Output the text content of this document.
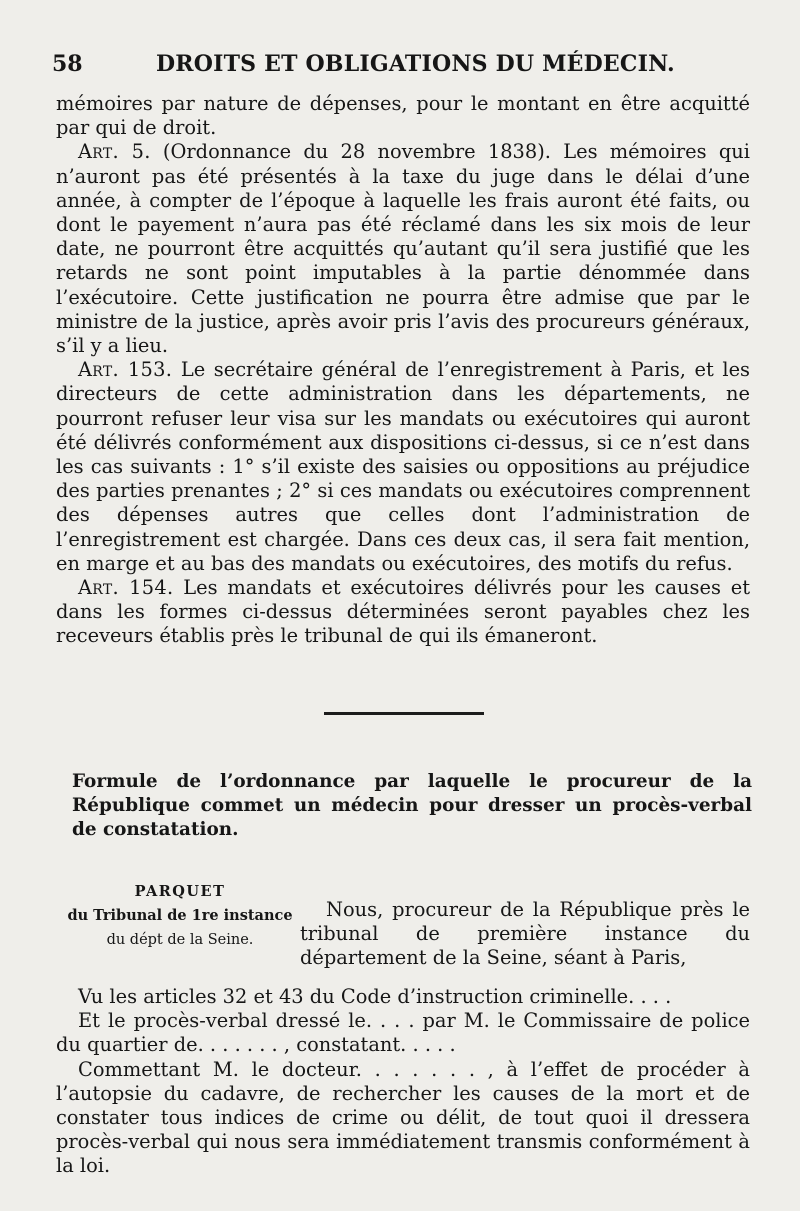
58	DROITS ET OBLIGATIONS DU MÉDECIN.

mémoires par nature de dépenses, pour le montant en être acquitté par qui de droit.

Art. 5. (Ordonnance du 28 novembre 1838). Les mémoires qui n’auront pas été présentés à la taxe du juge dans le délai d’une année, à compter de l’époque à laquelle les frais auront été faits, ou dont le payement n’aura pas été réclamé dans les six mois de leur date, ne pourront être acquittés qu’autant qu’il sera justifié que les retards ne sont point imputables à la partie dénommée dans l’exécutoire. Cette justification ne pourra être admise que par le ministre de la justice, après avoir pris l’avis des procureurs généraux, s’il y a lieu.

Art. 153. Le secrétaire général de l’enregistrement à Paris, et les directeurs de cette administration dans les départements, ne pourront refuser leur visa sur les mandats ou exécutoires qui auront été délivrés conformément aux dispositions ci-dessus, si ce n’est dans les cas suivants : 1° s’il existe des saisies ou oppositions au préjudice des parties prenantes ; 2° si ces mandats ou exécutoires comprennent des dépenses autres que celles dont l’administration de l’enregistrement est chargée. Dans ces deux cas, il sera fait mention, en marge et au bas des mandats ou exécutoires, des motifs du refus.

Art. 154. Les mandats et exécutoires délivrés pour les causes et dans les formes ci-dessus déterminées seront payables chez les receveurs établis près le tribunal de qui ils émaneront.

Formule de l’ordonnance par laquelle le procureur de la République commet un médecin pour dresser un procès-verbal de constatation.
PARQUET
du Tribunal de 1re instance
du dépt de la Seine.
Nous, procureur de la République près le tribunal de première instance du département de la Seine, séant à Paris,

Vu les articles 32 et 43 du Code d’instruction criminelle. . . .

Et le procès-verbal dressé le. . . . par M. le Commissaire de police du quartier de. . . . . . . , constatant. . . . .

Commettant M. le docteur. . . . . . . , à l’effet de procéder à l’autopsie du cadavre, de rechercher les causes de la mort et de constater tous indices de crime ou délit, de tout quoi il dressera procès-verbal qui nous sera immédiatement transmis conformément à la loi.
